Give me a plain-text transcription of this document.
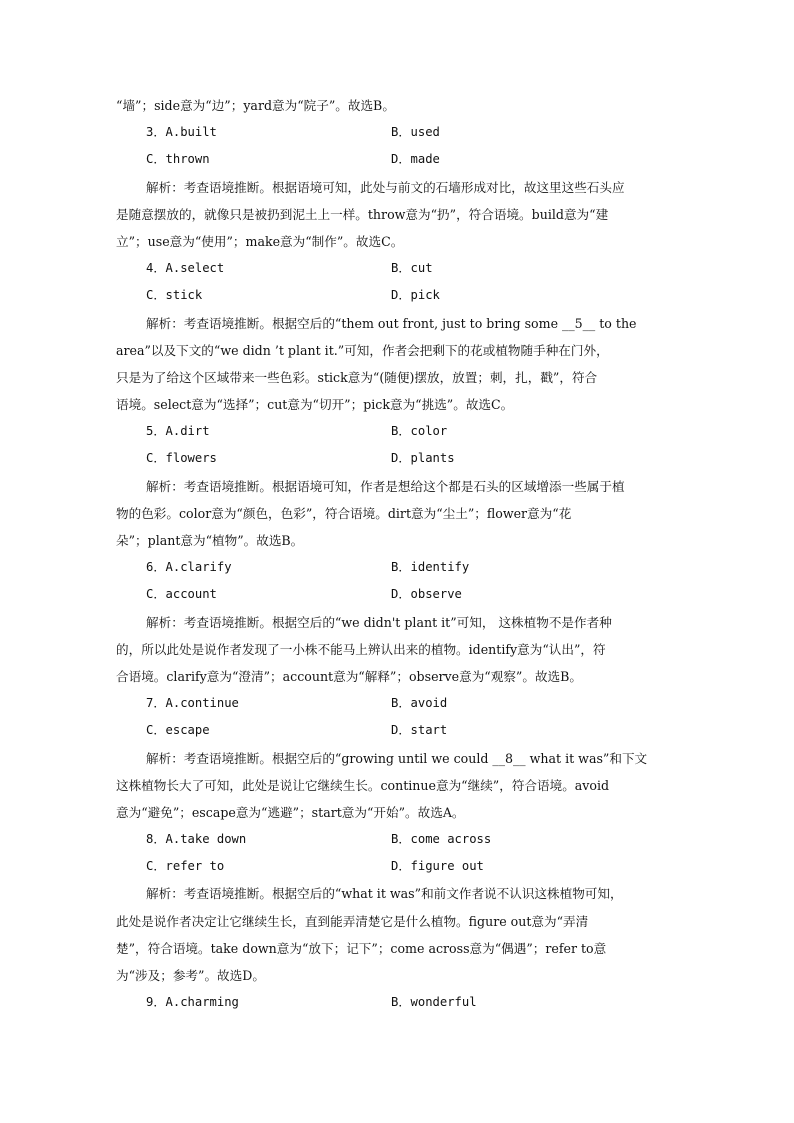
“墙”；side意为“边”；yard意为“院子”。故选B。
3．A.built	B．used
C．thrown	D．made
解析：考查语境推断。根据语境可知，此处与前文的石墙形成对比，故这里这些石头应
是随意摆放的，就像只是被扔到泥土上一样。throw意为“扔”，符合语境。build意为“建
立”；use意为“使用”；make意为“制作”。故选C。
4．A.select	B．cut
C．stick	D．pick
解析：考查语境推断。根据空后的“them out front, just to bring some __5__ to the
area”以及下文的“we didn ’t plant it.”可知，作者会把剩下的花或植物随手种在门外，
只是为了给这个区域带来一些色彩。stick意为“(随便)摆放，放置；刺，扎，戳”，符合
语境。select意为“选择”；cut意为“切开”；pick意为“挑选”。故选C。
5．A.dirt	B．color
C．flowers	D．plants
解析：考查语境推断。根据语境可知，作者是想给这个都是石头的区域增添一些属于植
物的色彩。color意为“颜色，色彩”，符合语境。dirt意为“尘土”；flower意为“花
朵”；plant意为“植物”。故选B。
6．A.clarify	B．identify
C．account	D．observe
解析：考查语境推断。根据空后的“we didn't plant it”可知， 这株植物不是作者种
的，所以此处是说作者发现了一小株不能马上辨认出来的植物。identify意为“认出”，符
合语境。clarify意为“澄清”；account意为“解释”；observe意为“观察”。故选B。
7．A.continue	B．avoid
C．escape	D．start
解析：考查语境推断。根据空后的“growing until we could __8__ what it was”和下文
这株植物长大了可知，此处是说让它继续生长。continue意为“继续”，符合语境。avoid
意为“避免”；escape意为“逃避”；start意为“开始”。故选A。
8．A.take down	B．come across
C．refer to	D．figure out
解析：考查语境推断。根据空后的“what it was”和前文作者说不认识这株植物可知，
此处是说作者决定让它继续生长，直到能弄清楚它是什么植物。figure out意为“弄清
楚”，符合语境。take down意为“放下；记下”；come across意为“偶遇”；refer to意
为“涉及；参考”。故选D。
9．A.charming	B．wonderful
